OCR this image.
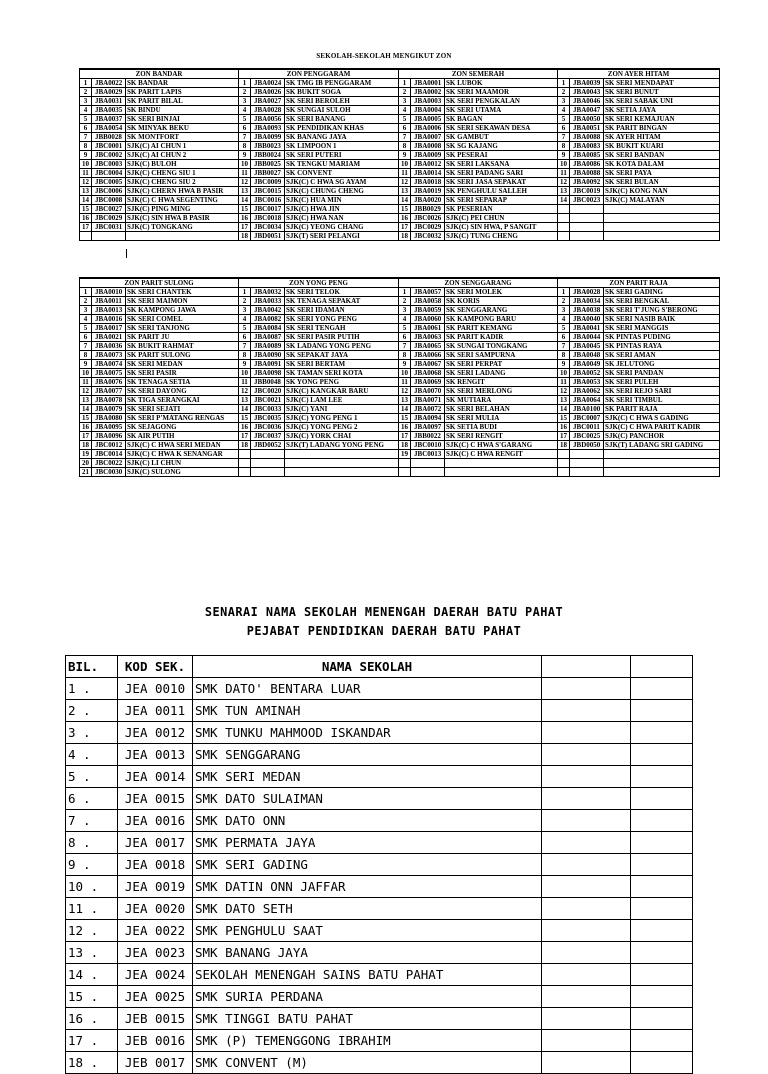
SEKOLAH-SEKOLAH MENGIKUT ZON
ZON BANDAR			ZON PENGGARAM			ZON SEMERAH			ZON AYER HITAM		
1	JBA0022	SK BANDAR	1	JBA0024	SK TMG IB PENGGARAM	1	JBA0001	SK LUBOK	1	JBA0039	SK SERI MENDAPAT
2	JBA0029	SK PARIT LAPIS	2	JBA0026	SK BUKIT SOGA	2	JBA0002	SK SERI MAAMOR	2	JBA0043	SK SERI BUNUT
3	JBA0031	SK PARIT BILAL	3	JBA0027	SK SERI BEROLEH	3	JBA0003	SK SERI PENGKALAN	3	JBA0046	SK SERI SABAK UNI
4	JBA0035	SK BINDU	4	JBA0028	SK SUNGAI SULOH	4	JBA0004	SK SERI UTAMA	4	JBA0047	SK SETIA JAYA
5	JBA0037	SK SERI BINJAI	5	JBA0056	SK SERI BANANG	5	JBA0005	SK BAGAN	5	JBA0050	SK SERI KEMAJUAN
6	JBA0054	SK MINYAK BEKU	6	JBA0093	SK PENDIDIKAN KHAS	6	JBA0006	SK SERI SEKAWAN DESA	6	JBA0051	SK PARIT BINGAN
7	JBB0028	SK MONTFORT	7	JBA0099	SK BANANG JAYA	7	JBA0007	SK GAMBUT	7	JBA0088	SK AYER HITAM
8	JBC0001	SJK(C) AI CHUN 1	8	JBB0023	SK LIMPOON 1	8	JBA0008	SK SG KAJANG	8	JBA0083	SK BUKIT KUARI
9	JBC0002	SJK(C) AI CHUN 2	9	JBB0024	SK SERI PUTERI	9	JBA0009	SK PESERAI	9	JBA0085	SK SERI BANDAN
10	JBC0003	SJK(C) BULOH	10	JBB0025	SK TENGKU MARIAM	10	JBA0012	SK SERI LAKSANA	10	JBA0086	SK KOTA DALAM
11	JBC0004	SJK(C) CHENG SIU 1	11	JBB0027	SK CONVENT	11	JBA0014	SK SERI PADANG SARI	11	JBA0088	SK SERI PAYA
12	JBC0005	SJK(C) CHENG SIU 2	12	JBC0009	SJK(C) C HWA SG AYAM	12	JBA0018	SK SERI JASA SEPAKAT	12	JBA0092	SK SERI BULAN
13	JBC0006	SJK(C) CHERN HWA B PASIR	13	JBC0015	SJK(C) CHUNG CHENG	13	JBA0019	SK PENGHULU SALLEH	13	JBC0019	SJK(C) KONG NAN
14	JBC0008	SJK(C) C HWA SEGENTING	14	JBC0016	SJK(C) HUA MIN	14	JBA0020	SK SERI SEPARAP	14	JBC0023	SJK(C) MALAYAN
15	JBC0027	SJK(C) PING MING	15	JBC0017	SJK(C) HWA JIN	15	JBB0029	SK PESERIAN			
16	JBC0029	SJK(C) SIN HWA B PASIR	16	JBC0018	SJK(C) HWA NAN	16	JBC0026	SJK(C) PEI CHUN			
17	JBC0031	SJK(C) TONGKANG	17	JBC0034	SJK(C) YEONG CHANG	17	JBC0029	SJK(C) SIN HWA, P SANGIT			
			18	JBD0051	SJK(T) SERI PELANGI	18	JBC0032	SJK(C) TUNG CHENG			
ZON PARIT SULONG			ZON YONG PENG			ZON SENGGARANG			ZON PARIT RAJA		
1	JBA0010	SK SERI CHANTEK	1	JBA0032	SK SERI TELOK	1	JBA0057	SK SERI MOLEK	1	JBA0028	SK SERI GADING
2	JBA0011	SK SERI MAIMON	2	JBA0033	SK TENAGA SEPAKAT	2	JBA0058	SK KORIS	2	JBA0034	SK SERI BENGKAL
3	JBA0013	SK KAMPONG JAWA	3	JBA0042	SK SERI IDAMAN	3	JBA0059	SK SENGGARANG	3	JBA0038	SK SERI T'JUNG S'BERONG
4	JBA0016	SK SERI COMEL	4	JBA0082	SK SERI YONG PENG	4	JBA0060	SK KAMPONG BARU	4	JBA0040	SK SERI NASIB BAIK
5	JBA0017	SK SERI TANJONG	5	JBA0084	SK SERI TENGAH	5	JBA0061	SK PARIT KEMANG	5	JBA0041	SK SERI MANGGIS
6	JBA0021	SK PARIT JU	6	JBA0087	SK SERI PASIR PUTIH	6	JBA0063	SK PARIT KADIR	6	JBA0044	SK PINTAS PUDING
7	JBA0036	SK BUKIT RAHMAT	7	JBA0089	SK LADANG YONG PENG	7	JBA0065	SK SUNGAI TONGKANG	7	JBA0045	SK PINTAS RAYA
8	JBA0073	SK PARIT SULONG	8	JBA0090	SK SEPAKAT JAYA	8	JBA0066	SK SERI SAMPURNA	8	JBA0048	SK SERI AMAN
9	JBA0074	SK SERI MEDAN	9	JBA0091	SK SERI BERTAM	9	JBA0067	SK SERI PERPAT	9	JBA0049	SK JELUTONG
10	JBA0075	SK SERI PASIR	10	JBA0098	SK TAMAN SERI KOTA	10	JBA0068	SK SERI LADANG	10	JBA0052	SK SERI PANDAN
11	JBA0076	SK TENAGA SETIA	11	JBB0048	SK YONG PENG	11	JBA0069	SK RENGIT	11	JBA0053	SK SERI PULEH
12	JBA0077	SK SERI DAYONG	12	JBC0020	SJK(C) KANGKAR BARU	12	JBA0070	SK SERI MERLONG	12	JBA0062	SK SERI REJO SARI
13	JBA0078	SK TIGA SERANGKAI	13	JBC0021	SJK(C) LAM LEE	13	JBA0071	SK MUTIARA	13	JBA0064	SK SERI TIMBUL
14	JBA0079	SK SERI SEJATI	14	JBC0033	SJK(C) YANI	14	JBA0072	SK SERI BELAHAN	14	JBA0100	SK PARIT RAJA
15	JBA0080	SK SERI P'MATANG RENGAS	15	JBC0035	SJK(C) YONG PENG 1	15	JBA0094	SK SERI MULIA	15	JBC0007	SJK(C) C HWA S GADING
16	JBA0095	SK SEJAGONG	16	JBC0036	SJK(C) YONG PENG 2	16	JBA0097	SK SETIA BUDI	16	JBC0011	SJK(C) C HWA PARIT KADIR
17	JBA0096	SK AIR PUTIH	17	JBC0037	SJK(C) YORK CHAI	17	JBB0022	SK SERI RENGIT	17	JBC0025	SJK(C) PANCHOR
18	JBC0012	SJK(C) C HWA SERI MEDAN	18	JBD0052	SJK(T) LADANG YONG PENG	18	JBC0010	SJK(C) C HWA S'GARANG	18	JBD0050	SJK(T) LADANG SRI GADING
19	JBC0014	SJK(C) C HWA K SENANGAR				19	JBC0013	SJK(C) C HWA RENGIT			
20	JBC0022	SJK(C) LI CHUN									
21	JBC0030	SJK(C) SULONG									
SENARAI NAMA SEKOLAH MENENGAH DAERAH BATU PAHAT
PEJABAT PENDIDIKAN DAERAH BATU PAHAT
BIL.	KOD SEK.	NAMA SEKOLAH		
1 .	JEA 0010	SMK DATO' BENTARA LUAR		
2 .	JEA 0011	SMK TUN AMINAH		
3 .	JEA 0012	SMK TUNKU MAHMOOD ISKANDAR		
4 .	JEA 0013	SMK SENGGARANG		
5 .	JEA 0014	SMK SERI MEDAN		
6 .	JEA 0015	SMK DATO SULAIMAN		
7 .	JEA 0016	SMK DATO ONN		
8 .	JEA 0017	SMK PERMATA JAYA		
9 .	JEA 0018	SMK SERI GADING		
10 .	JEA 0019	SMK DATIN ONN JAFFAR		
11 .	JEA 0020	SMK DATO SETH		
12 .	JEA 0022	SMK PENGHULU SAAT		
13 .	JEA 0023	SMK BANANG JAYA		
14 .	JEA 0024	SEKOLAH MENENGAH SAINS BATU PAHAT		
15 .	JEA 0025	SMK SURIA PERDANA		
16 .	JEB 0015	SMK TINGGI BATU PAHAT		
17 .	JEB 0016	SMK (P) TEMENGGONG IBRAHIM		
18 .	JEB 0017	SMK CONVENT (M)		
